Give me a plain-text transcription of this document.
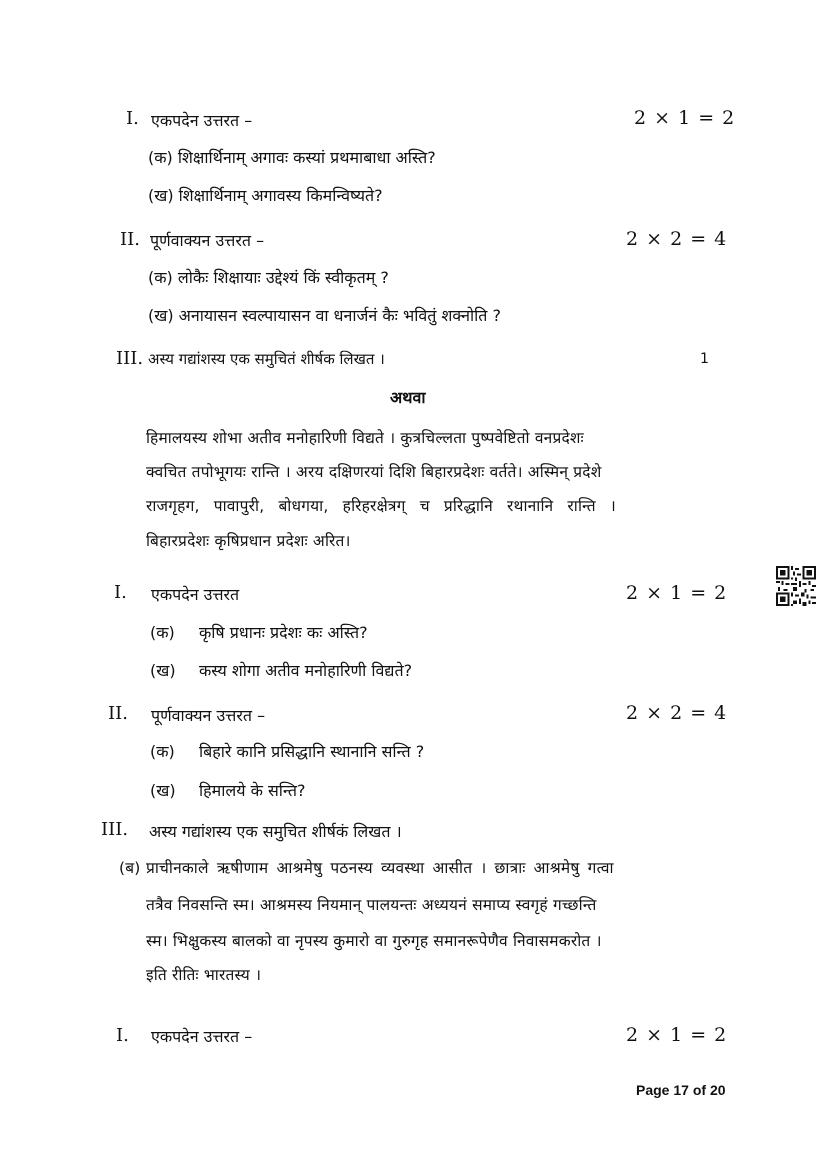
I. एकपदेन उत्तरत –	2 × 1 = 2
(क) शिक्षार्थिनाम् अगावः कस्यां प्रथमाबाधा अस्ति?
(ख) शिक्षार्थिनाम् अगावस्य किमन्विष्यते?
II. पूर्णवाक्यन उत्तरत –	2 × 2 = 4
(क) लोकैः शिक्षायाः उद्देश्यं किं स्वीकृतम् ?
(ख) अनायासन स्वल्पायासन वा धनार्जनं कैः भवितुं शक्नोति ?
III. अस्य गद्यांशस्य एक समुचितं शीर्षक लिखत ।	1
अथवा
हिमालयस्य शोभा अतीव मनोहारिणी विद्यते । कुत्रचिल्लता पुष्पवेष्टितो वनप्रदेशः
क्वचित तपोभूगयः रान्ति । अरय दक्षिणरयां दिशि बिहारप्रदेशः वर्तते। अस्मिन् प्रदेशे
राजगृहग, पावापुरी, बोधगया, हरिहरक्षेत्रग् च प्ररिद्धानि रथानानि रान्ति ।
बिहारप्रदेशः कृषिप्रधान प्रदेशः अरित।
I. एकपदेन उत्तरत	2 × 1 = 2
(क) कृषि प्रधानः प्रदेशः कः अस्ति?
(ख) कस्य शोगा अतीव मनोहारिणी विद्यते?
II. पूर्णवाक्यन उत्तरत –	2 × 2 = 4
(क) बिहारे कानि प्रसिद्धानि स्थानानि सन्ति ?
(ख) हिमालये के सन्ति?
III. अस्य गद्यांशस्य एक समुचित शीर्षकं लिखत ।
(ब) प्राचीनकाले ऋषीणाम आश्रमेषु पठनस्य व्यवस्था आसीत । छात्राः आश्रमेषु गत्वा
तत्रैव निवसन्ति स्म। आश्रमस्य नियमान् पालयन्तः अध्ययनं समाप्य स्वगृहं गच्छन्ति
स्म। भिक्षुकस्य बालको वा नृपस्य कुमारो वा गुरुगृह समानरूपेणैव निवासमकरोत ।
इति रीतिः भारतस्य ।
I. एकपदेन उत्तरत –	2 × 1 = 2
Page 17 of 20
